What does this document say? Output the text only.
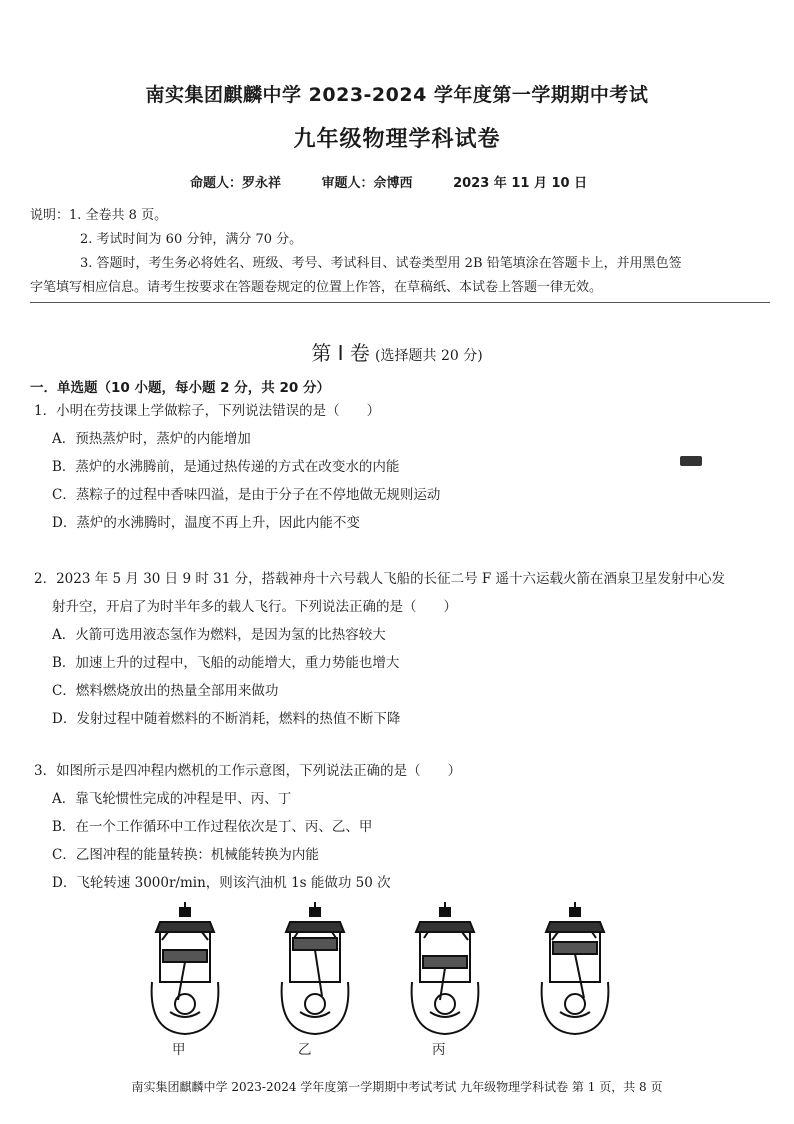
南实集团麒麟中学 2023-2024 学年度第一学期期中考试
九年级物理学科试卷
命题人：罗永祥	审题人：佘博西	2023 年 11 月 10 日
说明：1. 全卷共 8 页。
2. 考试时间为 60 分钟，满分 70 分。
3. 答题时，考生务必将姓名、班级、考号、考试科目、试卷类型用 2B 铅笔填涂在答题卡上，并用黑色签
字笔填写相应信息。请考生按要求在答题卷规定的位置上作答，在草稿纸、本试卷上答题一律无效。
第 Ⅰ 卷 (选择题共 20 分)
一．单选题（10 小题，每小题 2 分，共 20 分）
1．小明在劳技课上学做粽子，下列说法错误的是（　　）
A．预热蒸炉时，蒸炉的内能增加
B．蒸炉的水沸腾前，是通过热传递的方式在改变水的内能
C．蒸粽子的过程中香味四溢，是由于分子在不停地做无规则运动
D．蒸炉的水沸腾时，温度不再上升，因此内能不变
2．2023 年 5 月 30 日 9 时 31 分，搭载神舟十六号载人飞船的长征二号 F 遥十六运载火箭在酒泉卫星发射中心发
射升空，开启了为时半年多的载人飞行。下列说法正确的是（　　）
A．火箭可选用液态氢作为燃料，是因为氢的比热容较大
B．加速上升的过程中，飞船的动能增大，重力势能也增大
C．燃料燃烧放出的热量全部用来做功
D．发射过程中随着燃料的不断消耗，燃料的热值不断下降
3．如图所示是四冲程内燃机的工作示意图，下列说法正确的是（　　）
A．靠飞轮惯性完成的冲程是甲、丙、丁
B．在一个工作循环中工作过程依次是丁、丙、乙、甲
C．乙图冲程的能量转换：机械能转换为内能
D．飞轮转速 3000r/min，则该汽油机 1s 能做功 50 次
甲	乙	丙
南实集团麒麟中学 2023-2024 学年度第一学期期中考试考试 九年级物理学科试卷 第 1 页，共 8 页
